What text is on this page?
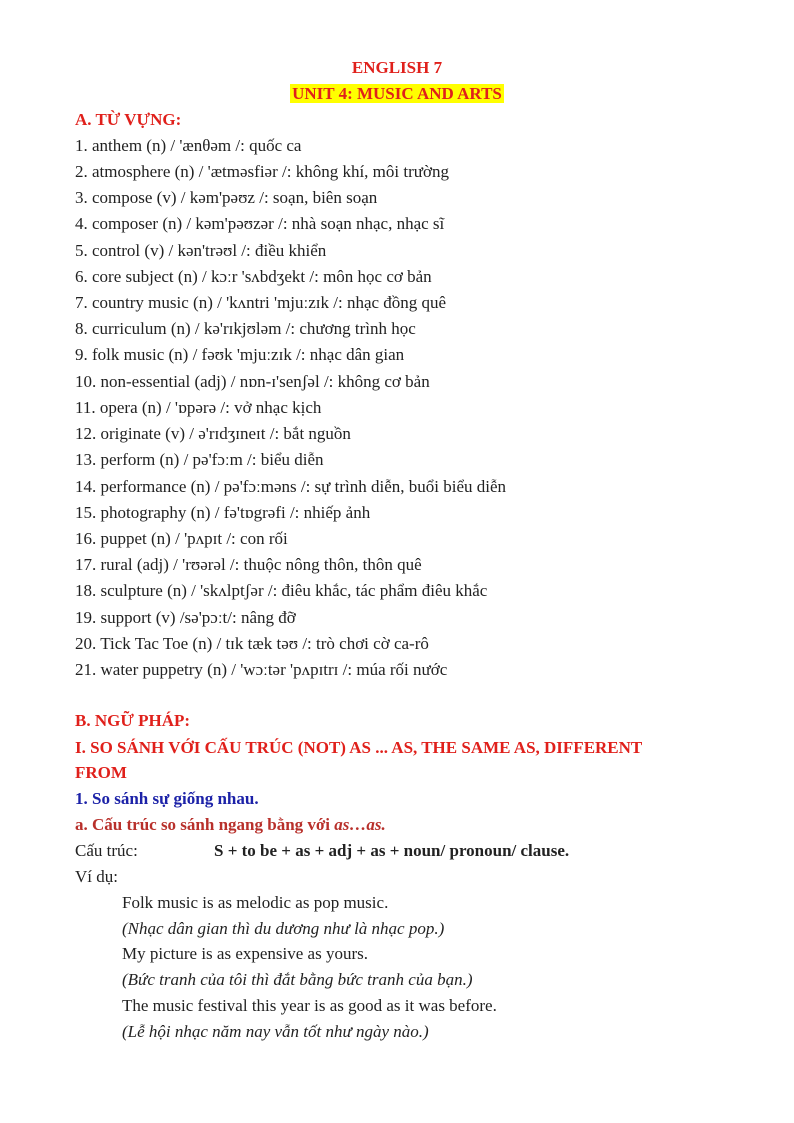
ENGLISH 7
UNIT 4: MUSIC AND ARTS
A. TỪ VỰNG:
1. anthem (n) / 'ænθəm /: quốc ca
2. atmosphere (n) / 'ætməsfiər /: không khí, môi trường
3. compose (v) / kəm'pəʊz /: soạn, biên soạn
4. composer (n) / kəm'pəʊzər /: nhà soạn nhạc, nhạc sĩ
5. control (v) / kən'trəʊl /: điều khiển
6. core subject (n) / kɔːr 'sʌbdʒekt /: môn học cơ bản
7. country music (n) / 'kʌntri 'mjuːzɪk /: nhạc đồng quê
8. curriculum (n) / kə'rɪkjʊləm /: chương trình học
9. folk music (n) / fəʊk 'mjuːzɪk /: nhạc dân gian
10. non-essential (adj) / nɒn-ɪ'senʃəl /: không cơ bản
11. opera (n) / 'ɒpərə /: vở nhạc kịch
12. originate (v) / ə'rɪdʒɪneɪt /: bắt nguồn
13. perform (n) / pə'fɔːm /: biểu diễn
14. performance (n) / pə'fɔːməns /: sự trình diễn, buổi biểu diễn
15. photography (n) / fə'tɒgrəfi /: nhiếp ảnh
16. puppet (n) / 'pʌpɪt /: con rối
17. rural (adj) / 'rʊərəl /: thuộc nông thôn, thôn quê
18. sculpture (n) / 'skʌlptʃər /: điêu khắc, tác phẩm điêu khắc
19. support (v) /sə'pɔːt/: nâng đỡ
20. Tick Tac Toe (n) / tɪk tæk təʊ /: trò chơi cờ ca-rô
21. water puppetry (n) / 'wɔːtər 'pʌpɪtrɪ /: múa rối nước
B. NGỮ PHÁP:
I. SO SÁNH VỚI CẤU TRÚC (NOT) AS ... AS, THE SAME AS, DIFFERENT
FROM
1. So sánh sự giống nhau.
a. Cấu trúc so sánh ngang bằng với as…as.
Cấu trúc:	S + to be + as + adj + as + noun/ pronoun/ clause.
Ví dụ:
Folk music is as melodic as pop music.
(Nhạc dân gian thì du dương như là nhạc pop.)
My picture is as expensive as yours.
(Bức tranh của tôi thì đắt bằng bức tranh của bạn.)
The music festival this year is as good as it was before.
(Lễ hội nhạc năm nay vẫn tốt như ngày nào.)
